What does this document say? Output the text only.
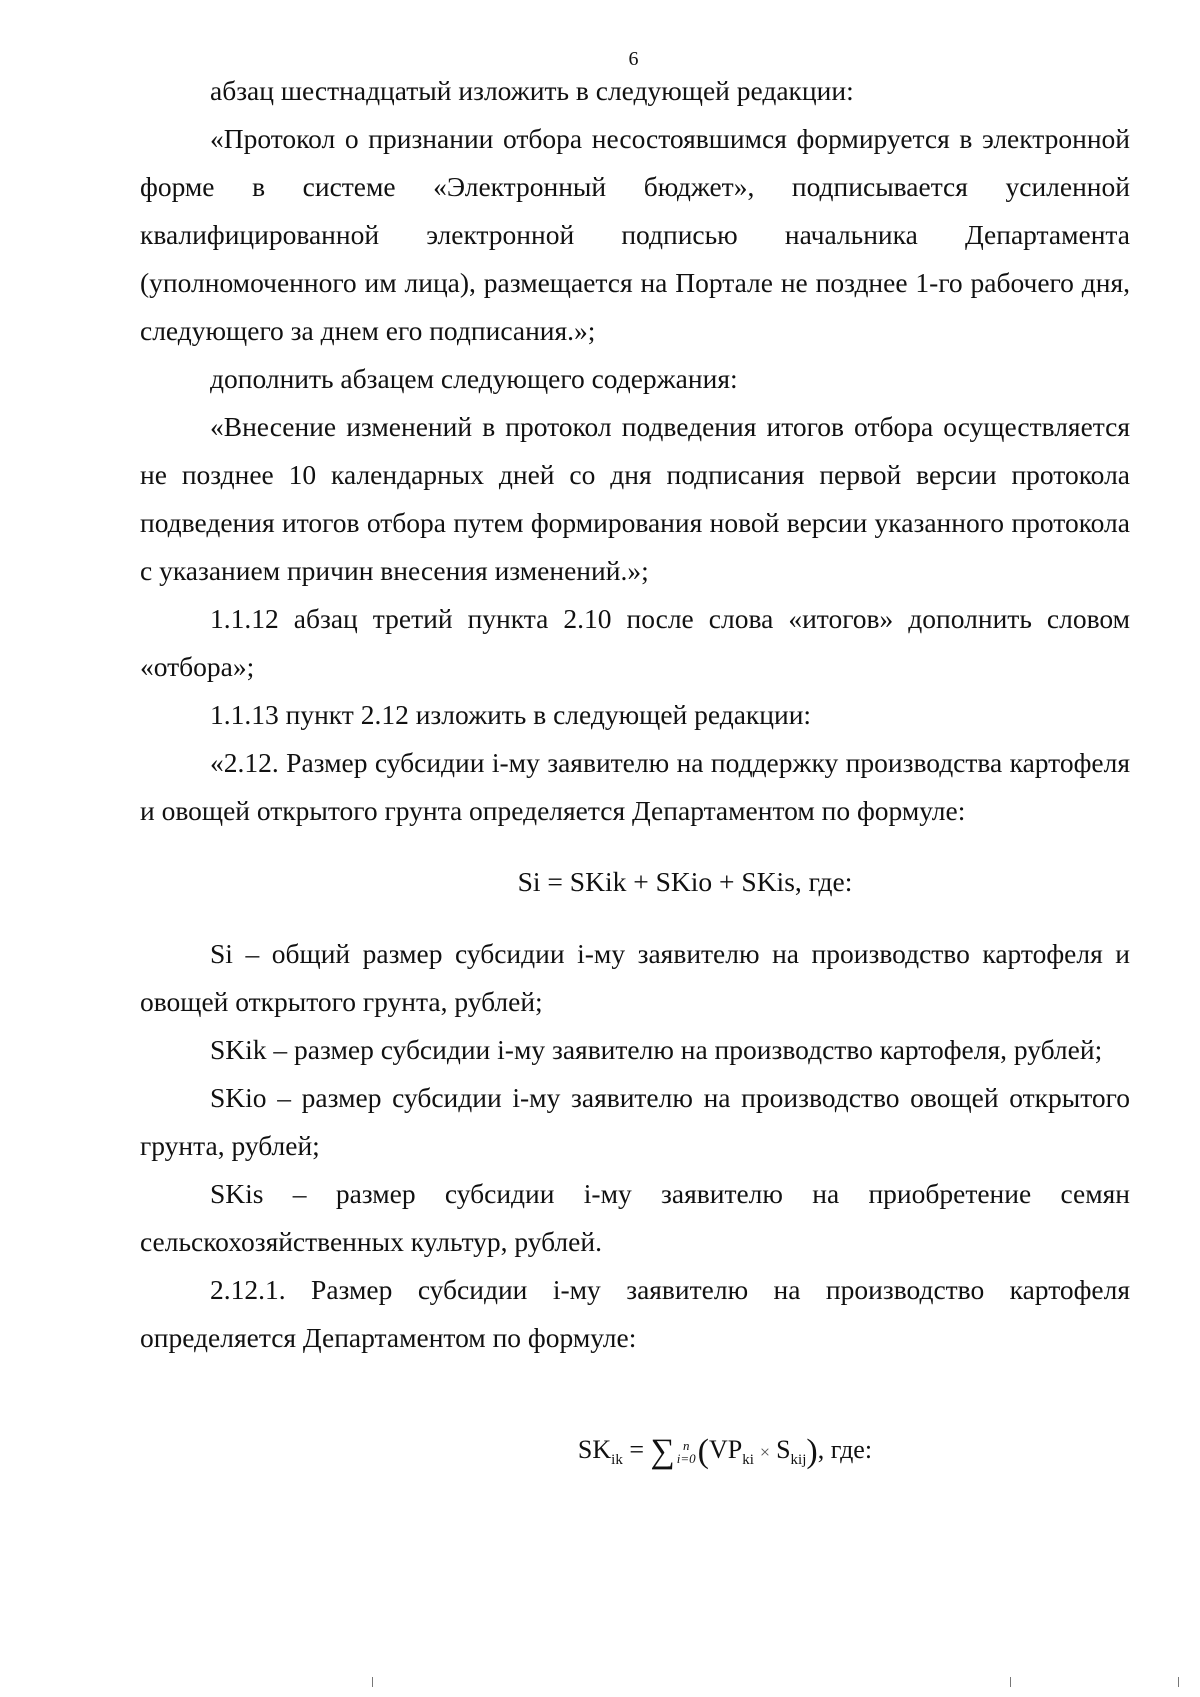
6

абзац шестнадцатый изложить в следующей редакции:

«Протокол о признании отбора несостоявшимся формируется в электронной форме в системе «Электронный бюджет», подписывается усиленной квалифицированной электронной подписью начальника Департамента (уполномоченного им лица), размещается на Портале не позднее 1-го рабочего дня, следующего за днем его подписания.»;

дополнить абзацем следующего содержания:

«Внесение изменений в протокол подведения итогов отбора осуществляется не позднее 10 календарных дней со дня подписания первой версии протокола подведения итогов отбора путем формирования новой версии указанного протокола с указанием причин внесения изменений.»;

1.1.12 абзац третий пункта 2.10 после слова «итогов» дополнить словом «отбора»;

1.1.13 пункт 2.12 изложить в следующей редакции:

«2.12. Размер субсидии i-му заявителю на поддержку производства картофеля и овощей открытого грунта определяется Департаментом по формуле:

Si = SKik + SKio + SKis, где:

Si – общий размер субсидии i-му заявителю на производство картофеля и овощей открытого грунта, рублей;

SKik – размер субсидии i-му заявителю на производство картофеля, рублей;

SKio – размер субсидии i-му заявителю на производство овощей открытого грунта, рублей;

SKis – размер субсидии i-му заявителю на приобретение семян сельскохозяйственных культур, рублей.

2.12.1. Размер субсидии i-му заявителю на производство картофеля определяется Департаментом по формуле:

$SK_{ik}$ = ∑ n
$i=0(VP_{ki} \times S_{kij})$, где:
